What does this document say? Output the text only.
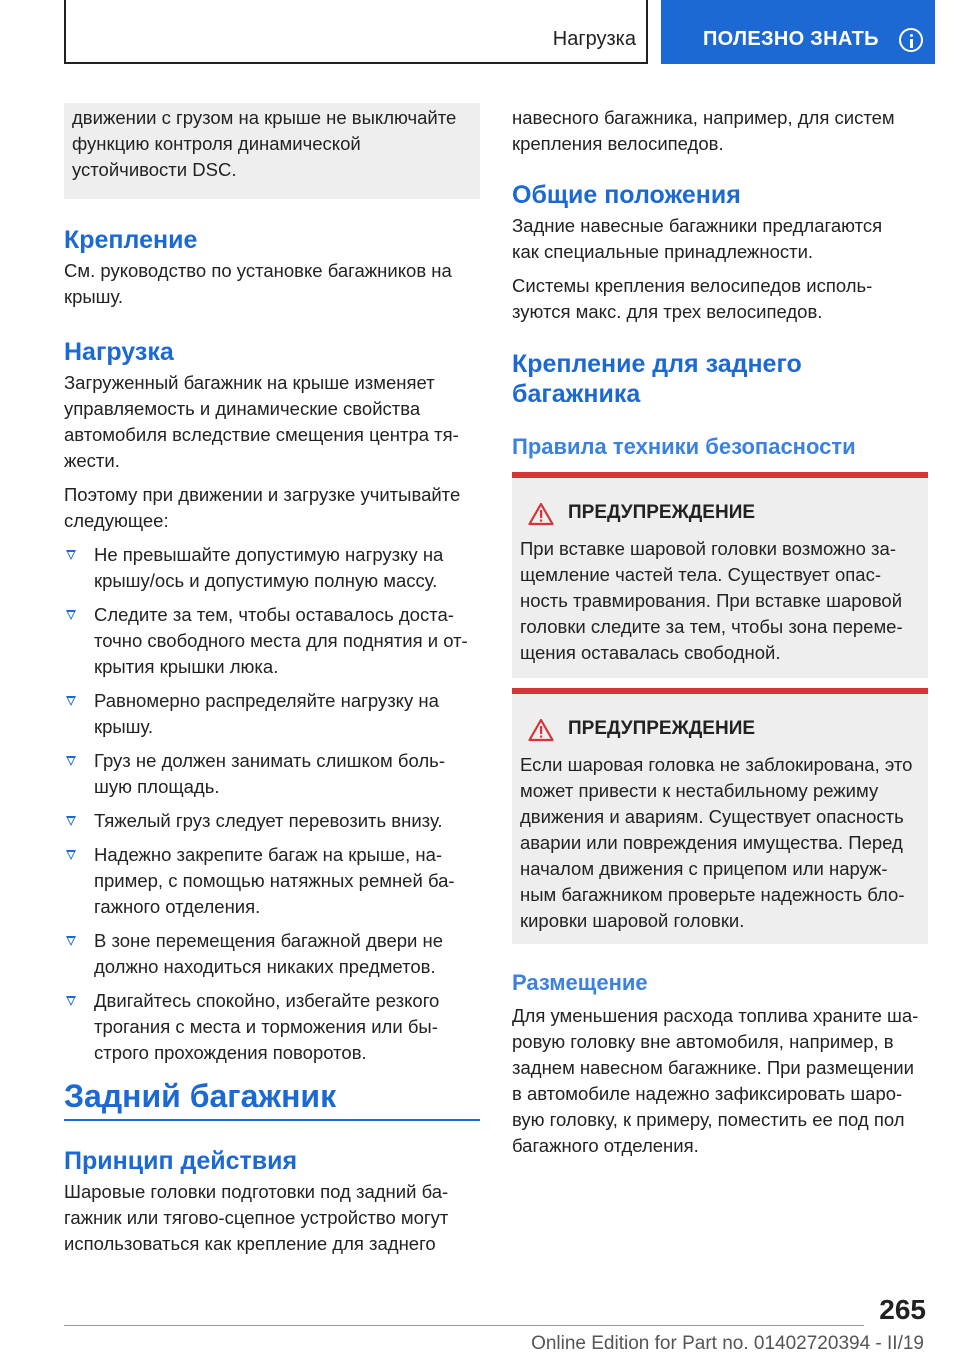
Нагрузка	ПОЛЕЗНО ЗНАТЬ
движении с грузом на крыше не выключайте
функцию контроля динамической
устойчивости DSC.
Крепление
См. руководство по установке багажников на
крышу.
Нагрузка
Загруженный багажник на крыше изменяет
управляемость и динамические свойства
автомобиля вследствие смещения центра тя-
жести.
Поэтому при движении и загрузке учитывайте
следующее:
Не превышайте допустимую нагрузку на
крышу/ось и допустимую полную массу.
Следите за тем, чтобы оставалось доста-
точно свободного места для поднятия и от-
крытия крышки люка.
Равномерно распределяйте нагрузку на
крышу.
Груз не должен занимать слишком боль-
шую площадь.
Тяжелый груз следует перевозить внизу.
Надежно закрепите багаж на крыше, на-
пример, с помощью натяжных ремней ба-
гажного отделения.
В зоне перемещения багажной двери не
должно находиться никаких предметов.
Двигайтесь спокойно, избегайте резкого
трогания с места и торможения или бы-
строго прохождения поворотов.
Задний багажник
Принцип действия
Шаровые головки подготовки под задний ба-
гажник или тягово-сцепное устройство могут
использоваться как крепление для заднего
навесного багажника, например, для систем
крепления велосипедов.
Общие положения
Задние навесные багажники предлагаются
как специальные принадлежности.
Системы крепления велосипедов исполь-
зуются макс. для трех велосипедов.
Крепление для заднего
багажника
Правила техники безопасности
ПРЕДУПРЕЖДЕНИЕ
При вставке шаровой головки возможно за-
щемление частей тела. Существует опас-
ность травмирования. При вставке шаровой
головки следите за тем, чтобы зона переме-
щения оставалась свободной.
ПРЕДУПРЕЖДЕНИЕ
Если шаровая головка не заблокирована, это
может привести к нестабильному режиму
движения и авариям. Существует опасность
аварии или повреждения имущества. Перед
началом движения с прицепом или наруж-
ным багажником проверьте надежность бло-
кировки шаровой головки.
Размещение
Для уменьшения расхода топлива храните ша-
ровую головку вне автомобиля, например, в
заднем навесном багажнике. При размещении
в автомобиле надежно зафиксировать шаро-
вую головку, к примеру, поместить ее под пол
багажного отделения.
265
Online Edition for Part no. 01402720394 - II/19
